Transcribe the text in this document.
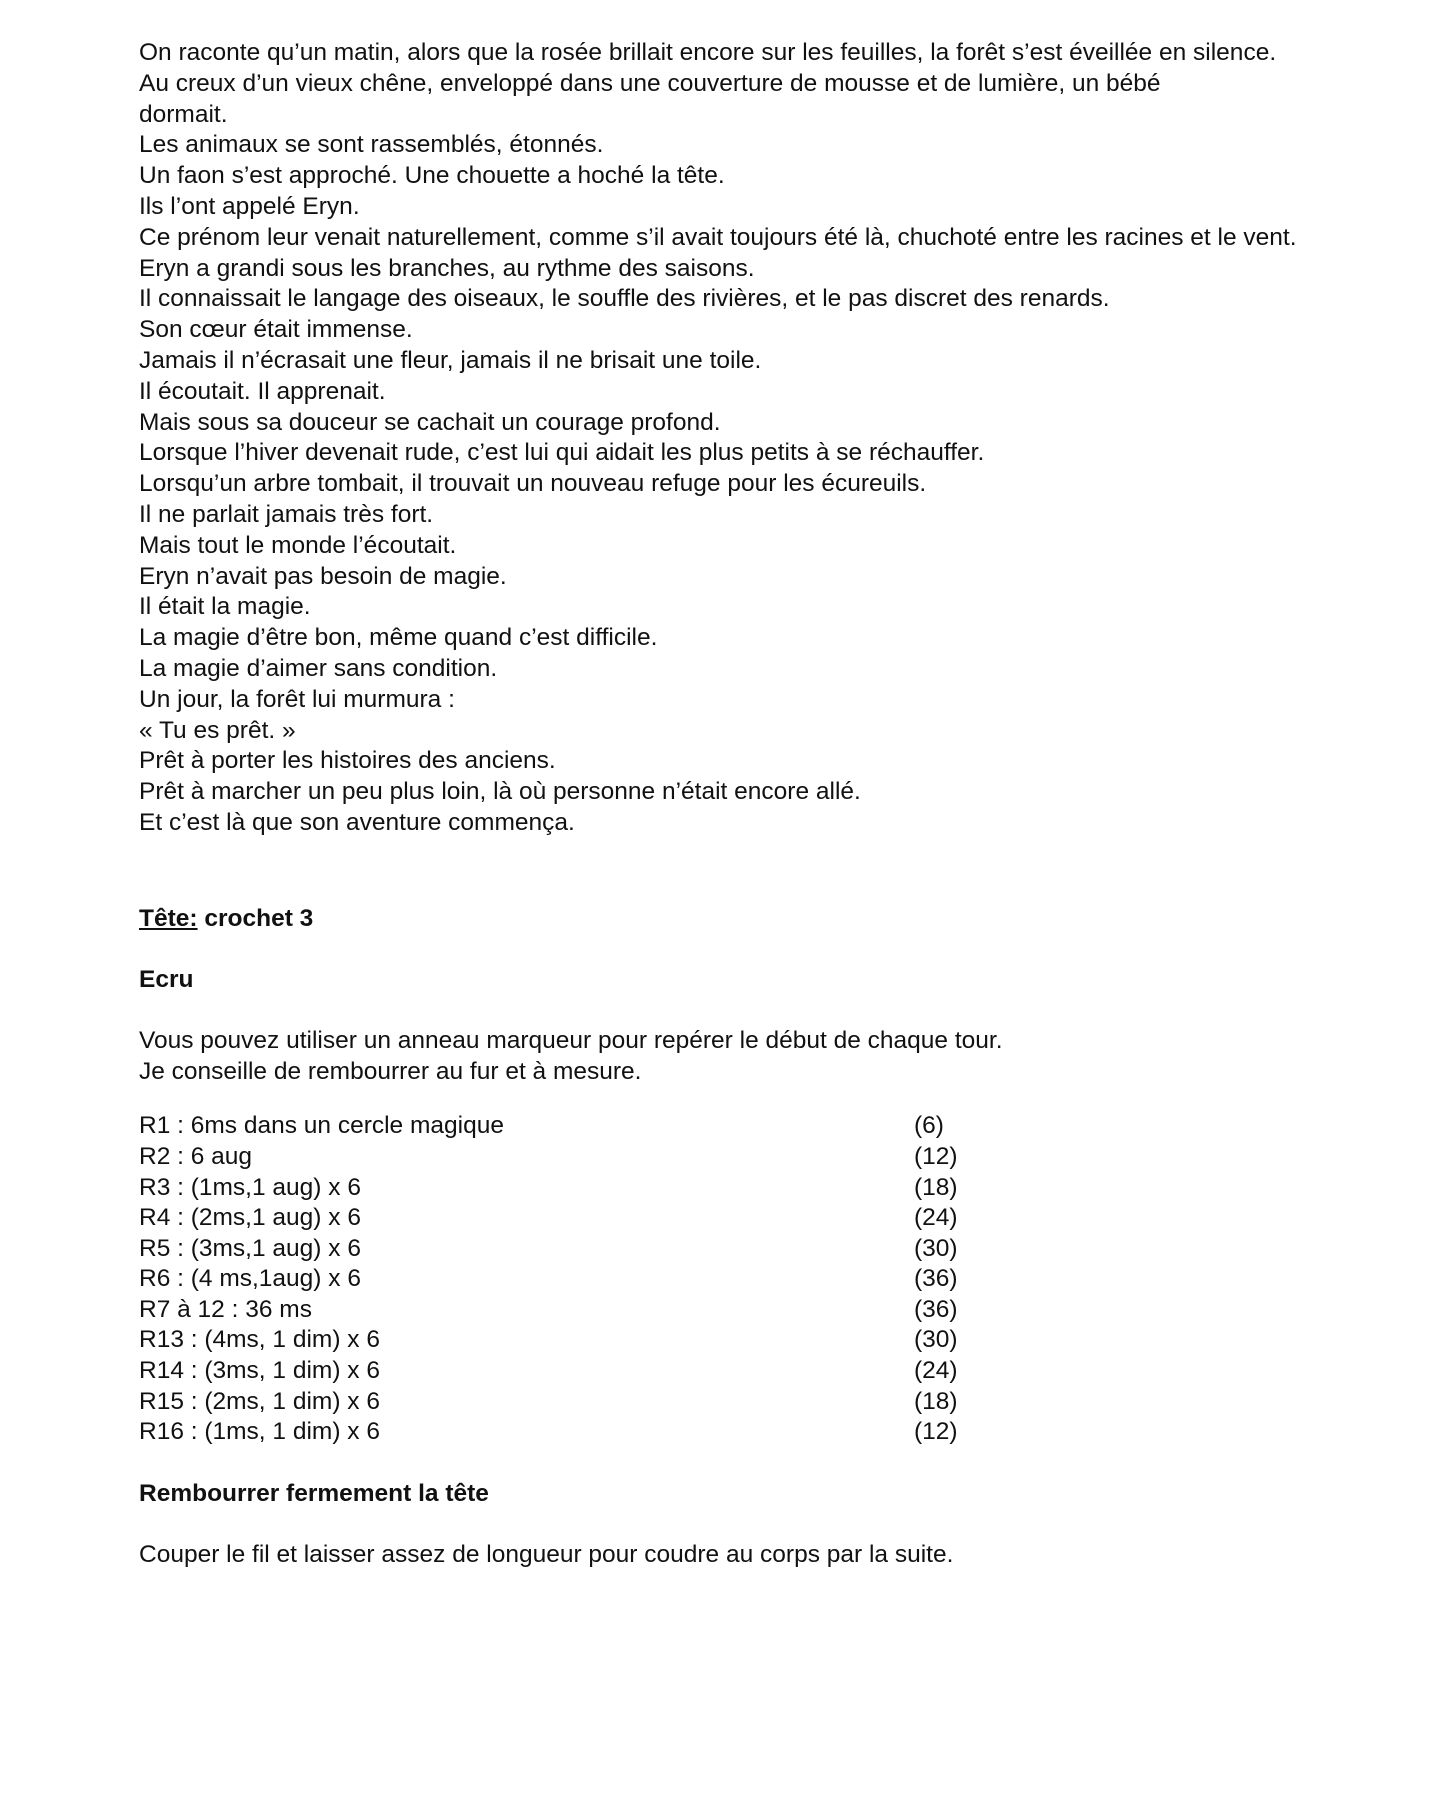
On raconte qu’un matin, alors que la rosée brillait encore sur les feuilles, la forêt s’est éveillée en silence.
Au creux d’un vieux chêne, enveloppé dans une couverture de mousse et de lumière, un bébé dormait.
Les animaux se sont rassemblés, étonnés.
Un faon s’est approché. Une chouette a hoché la tête.
Ils l’ont appelé Eryn.
Ce prénom leur venait naturellement, comme s’il avait toujours été là, chuchoté entre les racines et le vent.
Eryn a grandi sous les branches, au rythme des saisons.
Il connaissait le langage des oiseaux, le souffle des rivières, et le pas discret des renards.
Son cœur était immense.
Jamais il n’écrasait une fleur, jamais il ne brisait une toile.
Il écoutait. Il apprenait.
Mais sous sa douceur se cachait un courage profond.
Lorsque l’hiver devenait rude, c’est lui qui aidait les plus petits à se réchauffer.
Lorsqu’un arbre tombait, il trouvait un nouveau refuge pour les écureuils.
Il ne parlait jamais très fort.
Mais tout le monde l’écoutait.
Eryn n’avait pas besoin de magie.
Il était la magie.
La magie d’être bon, même quand c’est difficile.
La magie d’aimer sans condition.
Un jour, la forêt lui murmura :
« Tu es prêt. »
Prêt à porter les histoires des anciens.
Prêt à marcher un peu plus loin, là où personne n’était encore allé.
Et c’est là que son aventure commença.
Tête: crochet 3
Ecru
Vous pouvez utiliser un anneau marqueur pour repérer le début de chaque tour.
Je conseille de rembourrer au fur et à mesure.
R1 : 6ms dans un cercle magique	(6)
R2 : 6 aug	(12)
R3 : (1ms,1 aug) x 6	(18)
R4 : (2ms,1 aug) x 6	(24)
R5 : (3ms,1 aug) x 6	(30)
R6 : (4 ms,1aug) x 6	(36)
R7 à 12 : 36 ms	(36)
R13 : (4ms, 1 dim) x 6	(30)
R14 : (3ms, 1 dim) x 6	(24)
R15 : (2ms, 1 dim) x 6	(18)
R16 : (1ms, 1 dim) x 6	(12)
Rembourrer fermement la tête
Couper le fil et laisser assez de longueur pour coudre au corps par la suite.
